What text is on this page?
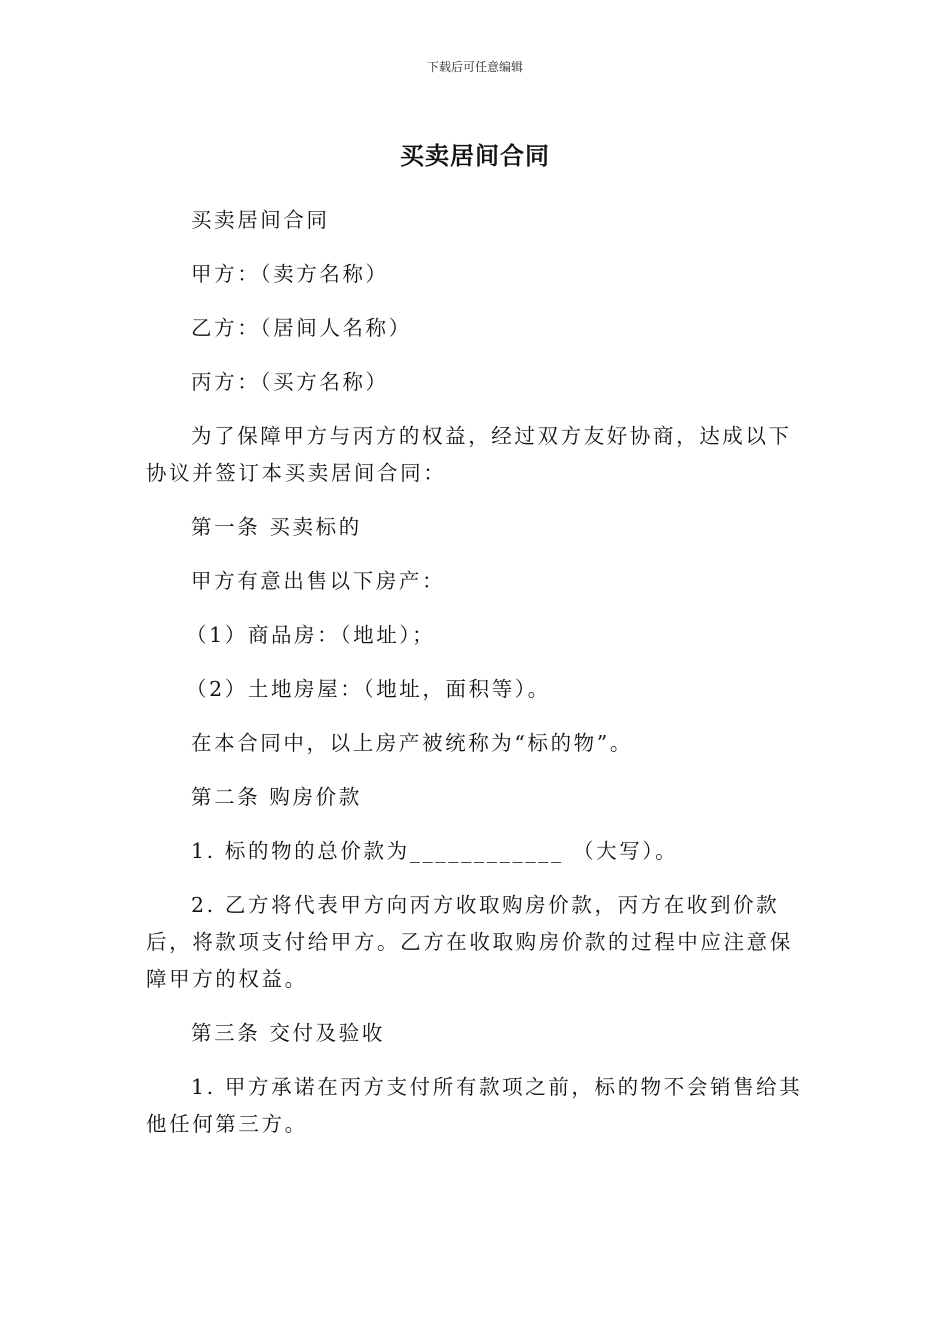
下载后可任意编辑
买卖居间合同

买卖居间合同

甲方：（卖方名称）

乙方：（居间人名称）

丙方：（买方名称）

为了保障甲方与丙方的权益，经过双方友好协商，达成以下协议并签订本买卖居间合同：

第一条 买卖标的

甲方有意出售以下房产：

（1）商品房：（地址）；

（2）土地房屋：（地址，面积等）。

在本合同中，以上房产被统称为“标的物”。

第二条 购房价款

1. 标的物的总价款为____________ （大写）。

2. 乙方将代表甲方向丙方收取购房价款，丙方在收到价款后，将款项支付给甲方。乙方在收取购房价款的过程中应注意保障甲方的权益。

第三条 交付及验收

1. 甲方承诺在丙方支付所有款项之前，标的物不会销售给其他任何第三方。
